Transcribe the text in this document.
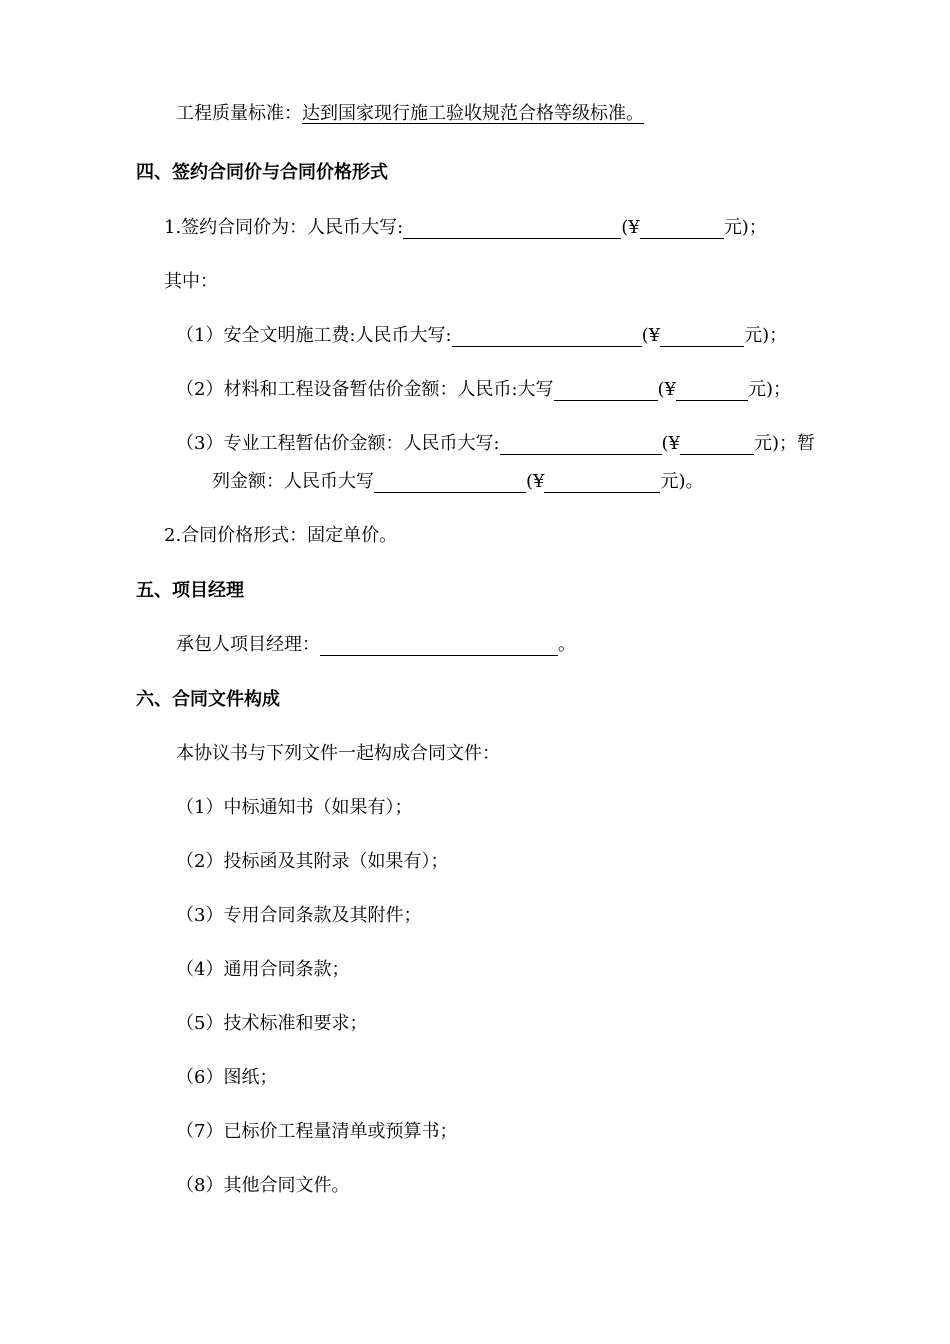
工程质量标准：达到国家现行施工验收规范合格等级标准。
四、签约合同价与合同价格形式
1.签约合同价为：人民币大写:	(¥	元)；
其中：
（1）安全文明施工费:人民币大写:	(¥	元)；
（2）材料和工程设备暂估价金额：人民币:大写	(¥	元)；
（3）专业工程暂估价金额：人民币大写:	(¥	元)；暂
列金额：人民币大写	(¥	元)。
2.合同价格形式：固定单价。
五、项目经理
承包人项目经理：	。
六、合同文件构成
本协议书与下列文件一起构成合同文件：
（1）中标通知书（如果有）；
（2）投标函及其附录（如果有）；
（3）专用合同条款及其附件；
（4）通用合同条款；
（5）技术标准和要求；
（6）图纸；
（7）已标价工程量清单或预算书；
（8）其他合同文件。
